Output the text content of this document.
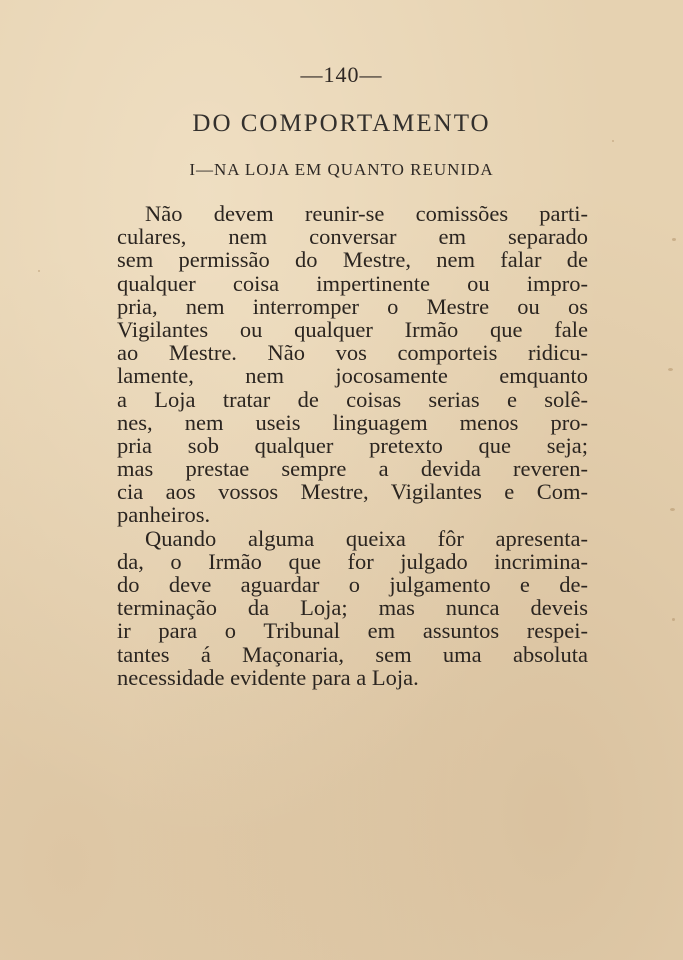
—140—
DO COMPORTAMENTO
I—NA LOJA EM QUANTO REUNIDA
Não devem reunir-se comissões parti-
culares, nem conversar em separado
sem permissão do Mestre, nem falar de
qualquer coisa impertinente ou impro-
pria, nem interromper o Mestre ou os
Vigilantes ou qualquer Irmão que fale
ao Mestre. Não vos comporteis ridicu-
lamente, nem jocosamente emquanto
a Loja tratar de coisas serias e solê-
nes, nem useis linguagem menos pro-
pria sob qualquer pretexto que seja;
mas prestae sempre a devida reveren-
cia aos vossos Mestre, Vigilantes e Com-
panheiros.
Quando alguma queixa fôr apresenta-
da, o Irmão que for julgado incrimina-
do deve aguardar o julgamento e de-
terminação da Loja; mas nunca deveis
ir para o Tribunal em assuntos respei-
tantes á Maçonaria, sem uma absoluta
necessidade evidente para a Loja.
